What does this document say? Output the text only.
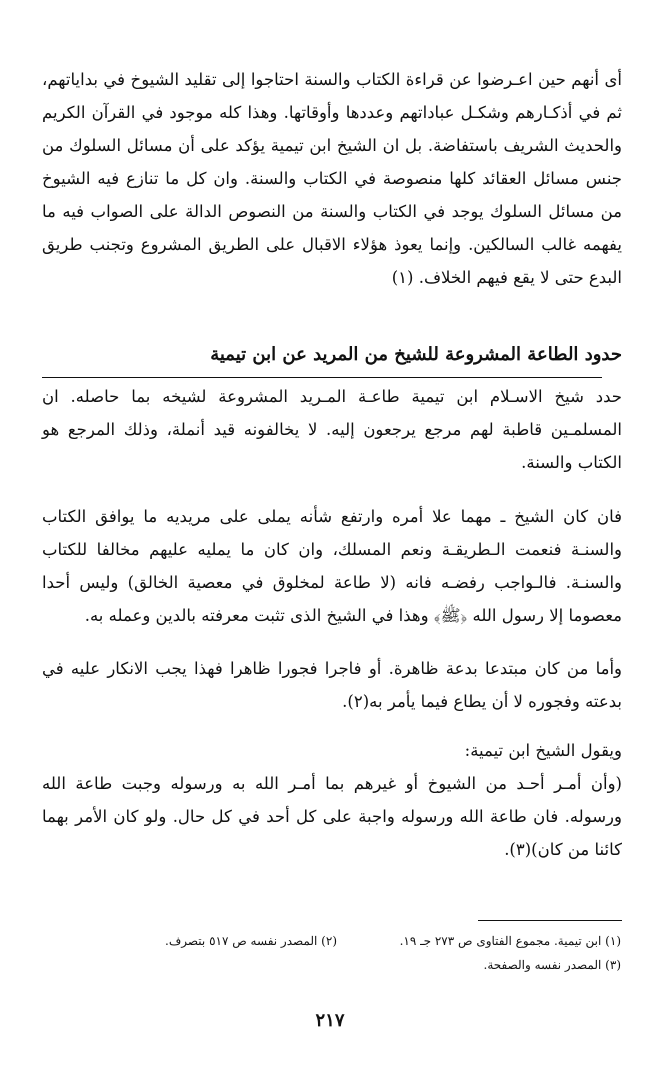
أى أنهم حين اعـرضوا عن قراءة الكتاب والسنة احتاجوا إلى تقليد الشيوخ في بداياتهم، ثم في أذكـارهم وشكـل عباداتهم وعددها وأوقاتها. وهذا كله موجود في القرآن الكريم والحديث الشريف باستفاضة. بل ان الشيخ ابن تيمية يؤكد على أن مسائل السلوك من جنس مسائل العقائد كلها منصوصة في الكتاب والسنة. وان كل ما تنازع فيه الشيوخ من مسائل السلوك يوجد في الكتاب والسنة من النصوص الدالة على الصواب فيه ما يفهمه غالب السالكين. وإنما يعوذ هؤلاء الاقبال على الطريق المشروع وتجنب طريق البدع حتى لا يقع فيهم الخلاف. (١)
حدود الطاعة المشروعة للشيخ من المريد عن ابن تيمية
حدد شيخ الاسـلام ابن تيمية طاعـة المـريد المشروعة لشيخه بما حاصله. ان المسلمـين قاطبة لهم مرجع يرجعون إليه. لا يخالفونه قيد أنملة، وذلك المرجع هو الكتاب والسنة.
فان كان الشيخ ـ مهما علا أمره وارتفع شأنه يملى على مريديه ما يوافق الكتاب والسنـة فنعمت الـطريقـة ونعم المسلك، وان كان ما يمليه عليهم مخالفا للكتاب والسنـة. فالـواجب رفضـه فانه (لا طاعة لمخلوق في معصية الخالق) وليس أحدا معصوما إلا رسول الله ﴿ﷺ﴾ وهذا في الشيخ الذى تثبت معرفته بالدين وعمله به.
وأما من كان مبتدعا بدعة ظاهرة. أو فاجرا فجورا ظاهرا فهذا يجب الانكار عليه في بدعته وفجوره لا أن يطاع فيما يأمر به(٢).
ويقول الشيخ ابن تيمية:
(وأن أمـر أحـد من الشيوخ أو غيرهم بما أمـر الله به ورسوله وجبت طاعة الله ورسوله. فان طاعة الله ورسوله واجبة على كل أحد في كل حال. ولو كان الأمر بهما كائنا من كان)(٣).
(١) ابن تيمية. مجموع الفتاوى ص ٢٧٣ جـ ١٩.
(٢) المصدر نفسه ص ٥١٧ بتصرف.
(٣) المصدر نفسه والصفحة.
٢١٧
